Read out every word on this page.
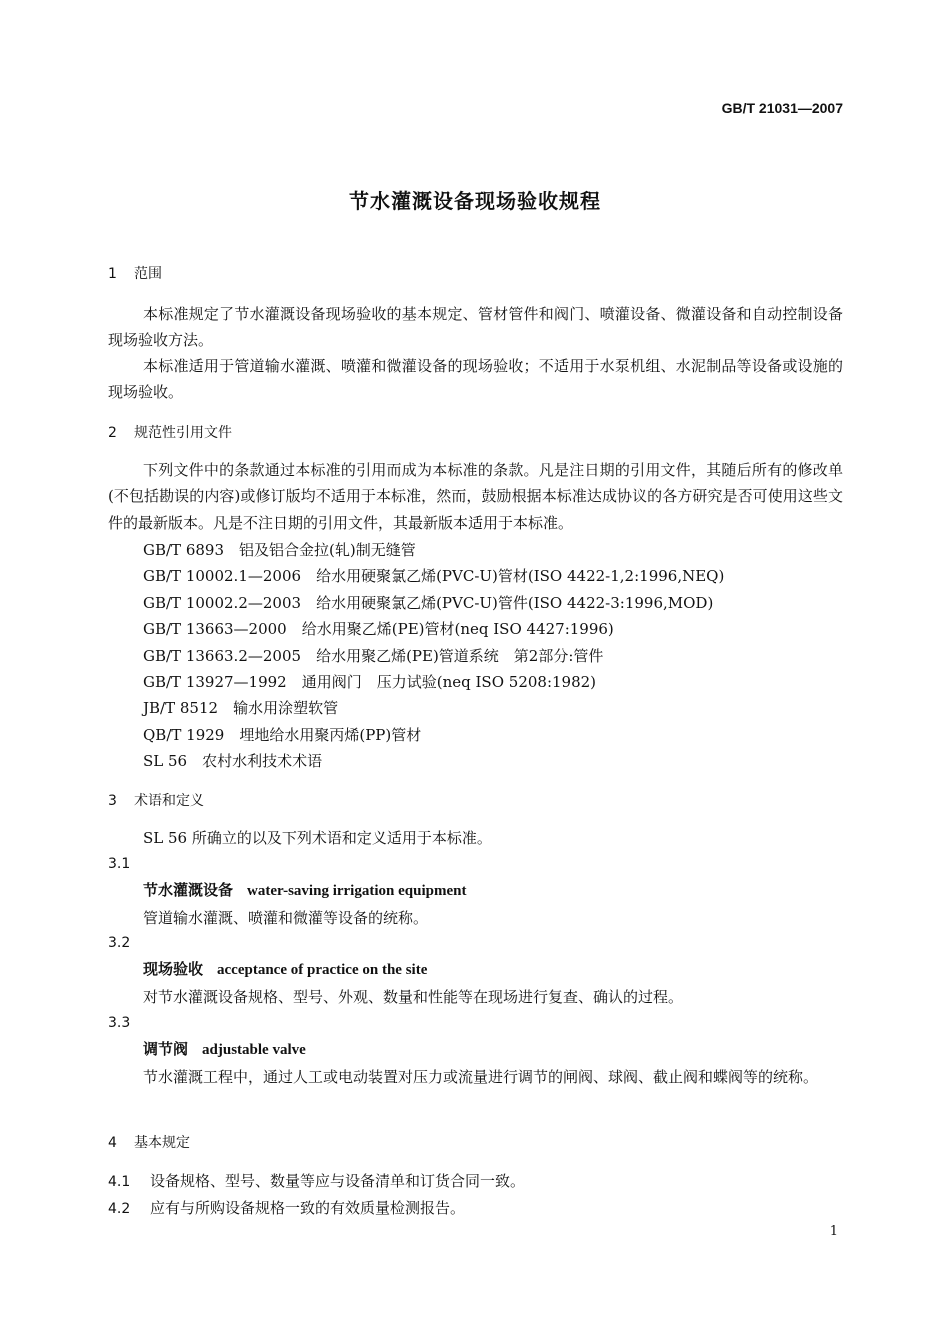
GB/T 21031—2007
节水灌溉设备现场验收规程
1 范围

本标准规定了节水灌溉设备现场验收的基本规定、管材管件和阀门、喷灌设备、微灌设备和自动控制设备现场验收方法。

本标准适用于管道输水灌溉、喷灌和微灌设备的现场验收；不适用于水泵机组、水泥制品等设备或设施的现场验收。

2 规范性引用文件

下列文件中的条款通过本标准的引用而成为本标准的条款。凡是注日期的引用文件，其随后所有的修改单(不包括勘误的内容)或修订版均不适用于本标准，然而，鼓励根据本标准达成协议的各方研究是否可使用这些文件的最新版本。凡是不注日期的引用文件，其最新版本适用于本标准。

GB/T 6893　 铝及铝合金拉(轧)制无缝管
GB/T 10002.1—2006　 给水用硬聚氯乙烯(PVC-U)管材(ISO 4422-1,2:1996,NEQ)
GB/T 10002.2—2003　 给水用硬聚氯乙烯(PVC-U)管件(ISO 4422-3:1996,MOD)
GB/T 13663—2000　 给水用聚乙烯(PE)管材(neq ISO 4427:1996)
GB/T 13663.2—2005　 给水用聚乙烯(PE)管道系统　第2部分:管件
GB/T 13927—1992　 通用阀门　压力试验(neq ISO 5208:1982)
JB/T 8512　 输水用涂塑软管
QB/T 1929　 埋地给水用聚丙烯(PP)管材
SL 56　 农村水利技术术语
3 术语和定义

SL 56 所确立的以及下列术语和定义适用于本标准。

3.1
节水灌溉设备 water-saving irrigation equipment
管道输水灌溉、喷灌和微灌等设备的统称。
3.2
现场验收 acceptance of practice on the site
对节水灌溉设备规格、型号、外观、数量和性能等在现场进行复查、确认的过程。
3.3
调节阀 adjustable valve
节水灌溉工程中，通过人工或电动装置对压力或流量进行调节的闸阀、球阀、截止阀和蝶阀等的统称。
4 基本规定
4.1 设备规格、型号、数量等应与设备清单和订货合同一致。
4.2 应有与所购设备规格一致的有效质量检测报告。
1
